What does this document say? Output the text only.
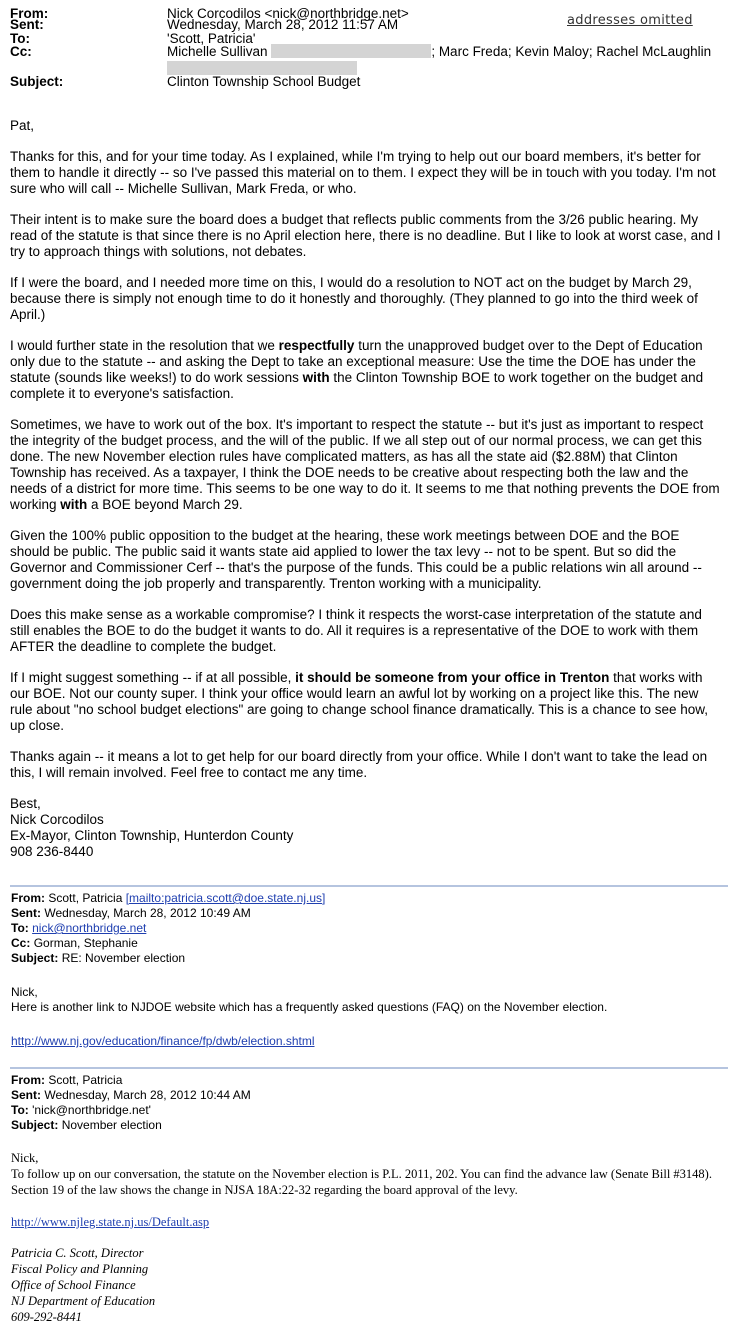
From:	Nick Corcodilos <nick@northbridge.net>
Sent:	Wednesday, March 28, 2012 11:57 AM
To:	'Scott, Patricia'
Cc:	Michelle Sullivan	; Marc Freda; Kevin Maloy; Rachel McLaughlin

Subject:	Clinton Township School Budget
addresses omitted

Pat,

Thanks for this, and for your time today. As I explained, while I'm trying to help out our board members, it's better for them to handle it directly -- so I've passed this material on to them. I expect they will be in touch with you today. I'm not sure who will call -- Michelle Sullivan, Mark Freda, or who.

Their intent is to make sure the board does a budget that reflects public comments from the 3/26 public hearing. My read of the statute is that since there is no April election here, there is no deadline. But I like to look at worst case, and I try to approach things with solutions, not debates.

If I were the board, and I needed more time on this, I would do a resolution to NOT act on the budget by March 29, because there is simply not enough time to do it honestly and thoroughly. (They planned to go into the third week of April.)

I would further state in the resolution that we respectfully turn the unapproved budget over to the Dept of Education only due to the statute -- and asking the Dept to take an exceptional measure: Use the time the DOE has under the statute (sounds like weeks!) to do work sessions with the Clinton Township BOE to work together on the budget and complete it to everyone's satisfaction.

Sometimes, we have to work out of the box. It's important to respect the statute -- but it's just as important to respect the integrity of the budget process, and the will of the public. If we all step out of our normal process, we can get this done. The new November election rules have complicated matters, as has all the state aid ($2.88M) that Clinton Township has received. As a taxpayer, I think the DOE needs to be creative about respecting both the law and the needs of a district for more time. This seems to be one way to do it. It seems to me that nothing prevents the DOE from working with a BOE beyond March 29.

Given the 100% public opposition to the budget at the hearing, these work meetings between DOE and the BOE should be public. The public said it wants state aid applied to lower the tax levy -- not to be spent. But so did the Governor and Commissioner Cerf -- that's the purpose of the funds. This could be a public relations win all around -- government doing the job properly and transparently. Trenton working with a municipality.

Does this make sense as a workable compromise? I think it respects the worst-case interpretation of the statute and still enables the BOE to do the budget it wants to do. All it requires is a representative of the DOE to work with them AFTER the deadline to complete the budget.

If I might suggest something -- if at all possible, it should be someone from your office in Trenton that works with our BOE. Not our county super. I think your office would learn an awful lot by working on a project like this. The new rule about "no school budget elections" are going to change school finance dramatically. This is a chance to see how, up close.

Thanks again -- it means a lot to get help for our board directly from your office. While I don't want to take the lead on this, I will remain involved. Feel free to contact me any time.

Best,

Nick Corcodilos

Ex-Mayor, Clinton Township, Hunterdon County

908 236-8440

From: Scott, Patricia [mailto:patricia.scott@doe.state.nj.us]

Sent: Wednesday, March 28, 2012 10:49 AM

To: nick@northbridge.net

Cc: Gorman, Stephanie

Subject: RE: November election

Nick,

Here is another link to NJDOE website which has a frequently asked questions (FAQ) on the November election.

http://www.nj.gov/education/finance/fp/dwb/election.shtml

From: Scott, Patricia

Sent: Wednesday, March 28, 2012 10:44 AM

To: 'nick@northbridge.net'

Subject: November election

Nick,

To follow up on our conversation, the statute on the November election is P.L. 2011, 202. You can find the advance law (Senate Bill #3148). Section 19 of the law shows the change in NJSA 18A:22-32 regarding the board approval of the levy.

http://www.njleg.state.nj.us/Default.asp

Patricia C. Scott, Director

Fiscal Policy and Planning

Office of School Finance

NJ Department of Education

609-292-8441
